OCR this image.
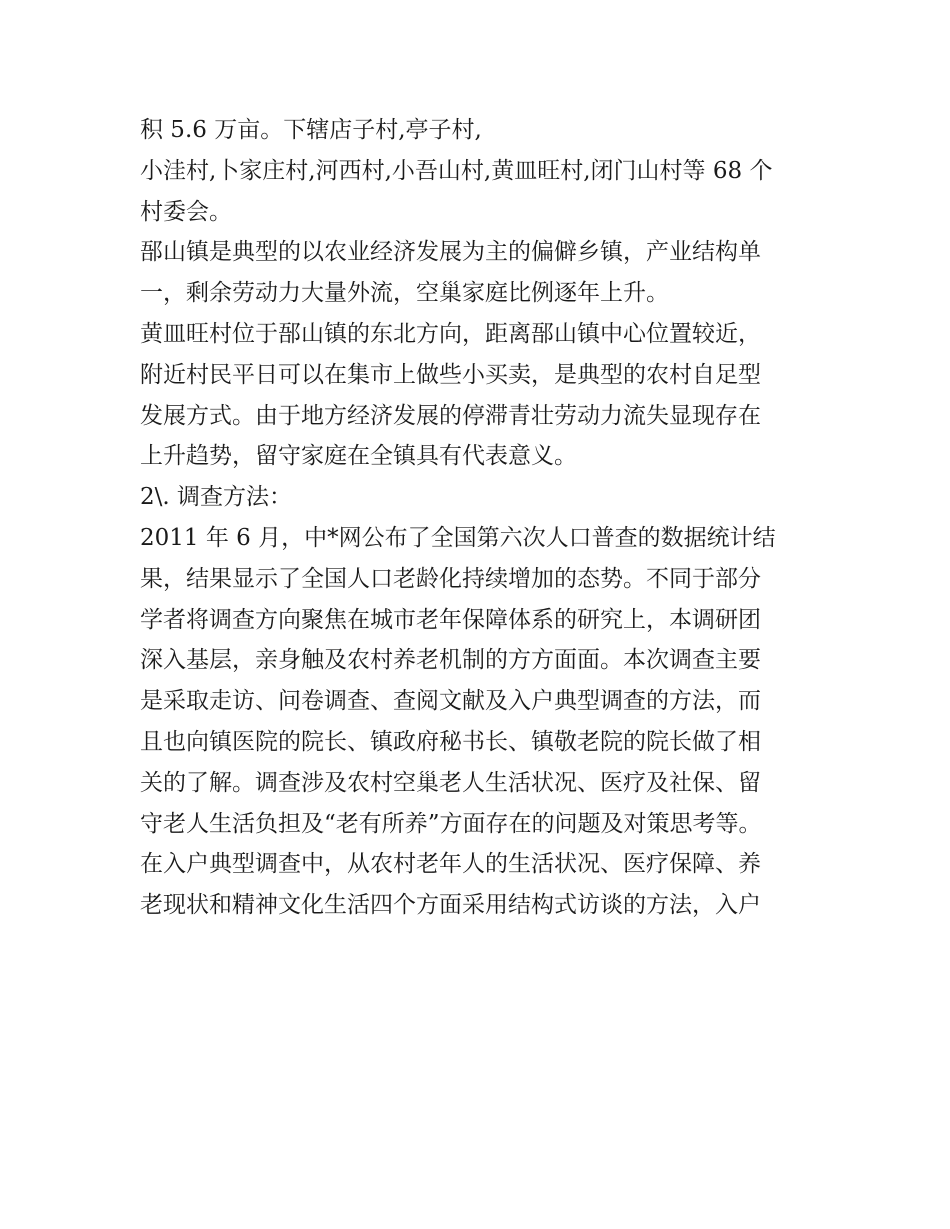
积 5.6 万亩。下辖店子村,亭子村,
小洼村,卜家庄村,河西村,小吾山村,黄皿旺村,闭门山村等 68 个
村委会。
郚山镇是典型的以农业经济发展为主的偏僻乡镇，产业结构单
一，剩余劳动力大量外流，空巢家庭比例逐年上升。
黄皿旺村位于郚山镇的东北方向，距离郚山镇中心位置较近，
附近村民平日可以在集市上做些小买卖，是典型的农村自足型
发展方式。由于地方经济发展的停滞青壮劳动力流失显现存在
上升趋势，留守家庭在全镇具有代表意义。
2\. 调查方法：
2011 年 6 月，中*网公布了全国第六次人口普查的数据统计结
果，结果显示了全国人口老龄化持续增加的态势。不同于部分
学者将调查方向聚焦在城市老年保障体系的研究上，本调研团
深入基层，亲身触及农村养老机制的方方面面。本次调查主要
是采取走访、问卷调查、查阅文献及入户典型调查的方法，而
且也向镇医院的院长、镇政府秘书长、镇敬老院的院长做了相
关的了解。调查涉及农村空巢老人生活状况、医疗及社保、留
守老人生活负担及“老有所养”方面存在的问题及对策思考等。
在入户典型调查中，从农村老年人的生活状况、医疗保障、养
老现状和精神文化生活四个方面采用结构式访谈的方法，入户
